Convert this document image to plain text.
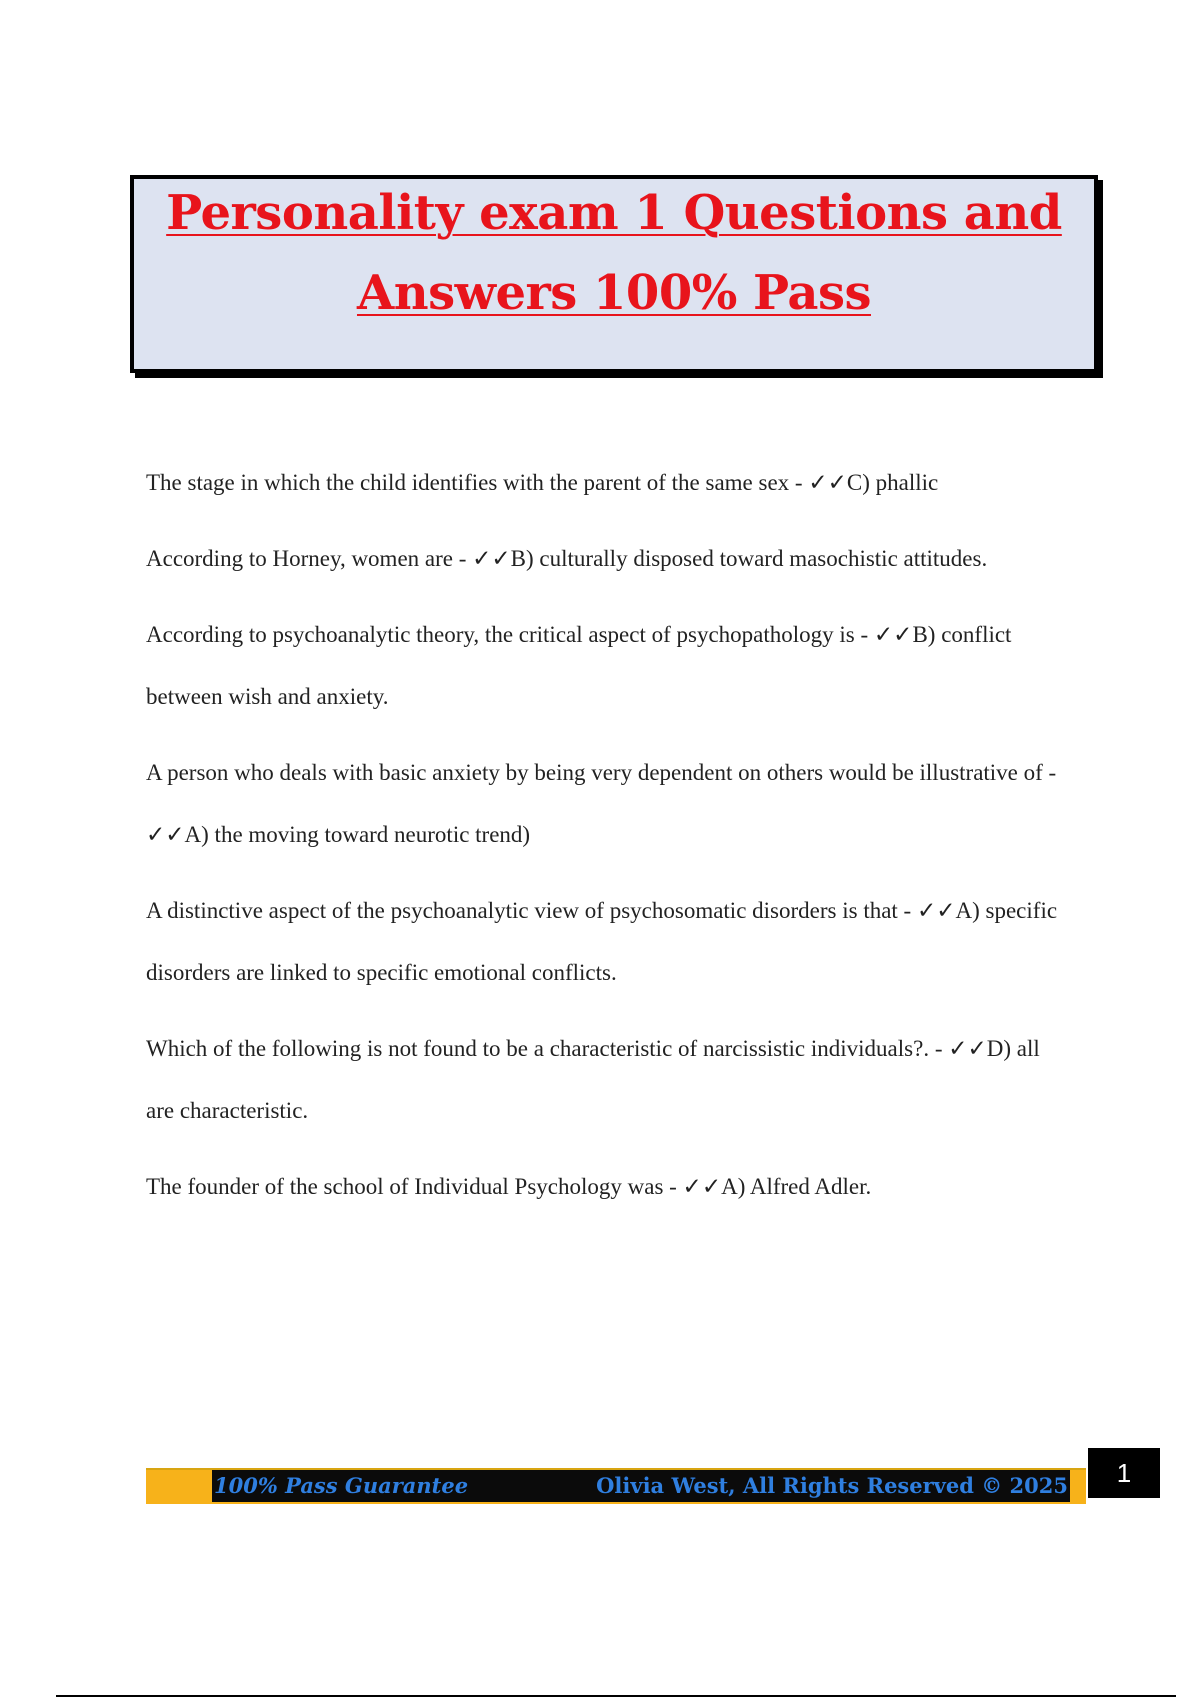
Personality exam 1 Questions and
Answers 100% Pass

The stage in which the child identifies with the parent of the same sex - ✓✓C) phallic

According to Horney, women are - ✓✓B) culturally disposed toward masochistic attitudes.

According to psychoanalytic theory, the critical aspect of psychopathology is - ✓✓B) conflict between wish and anxiety.

A person who deals with basic anxiety by being very dependent on others would be illustrative of - ✓✓A) the moving toward neurotic trend)

A distinctive aspect of the psychoanalytic view of psychosomatic disorders is that - ✓✓A) specific disorders are linked to specific emotional conflicts.

Which of the following is not found to be a characteristic of narcissistic individuals?. - ✓✓D) all are characteristic.

The founder of the school of Individual Psychology was - ✓✓A) Alfred Adler.

100% Pass Guarantee	Olivia West, All Rights Reserved © 2025	1
